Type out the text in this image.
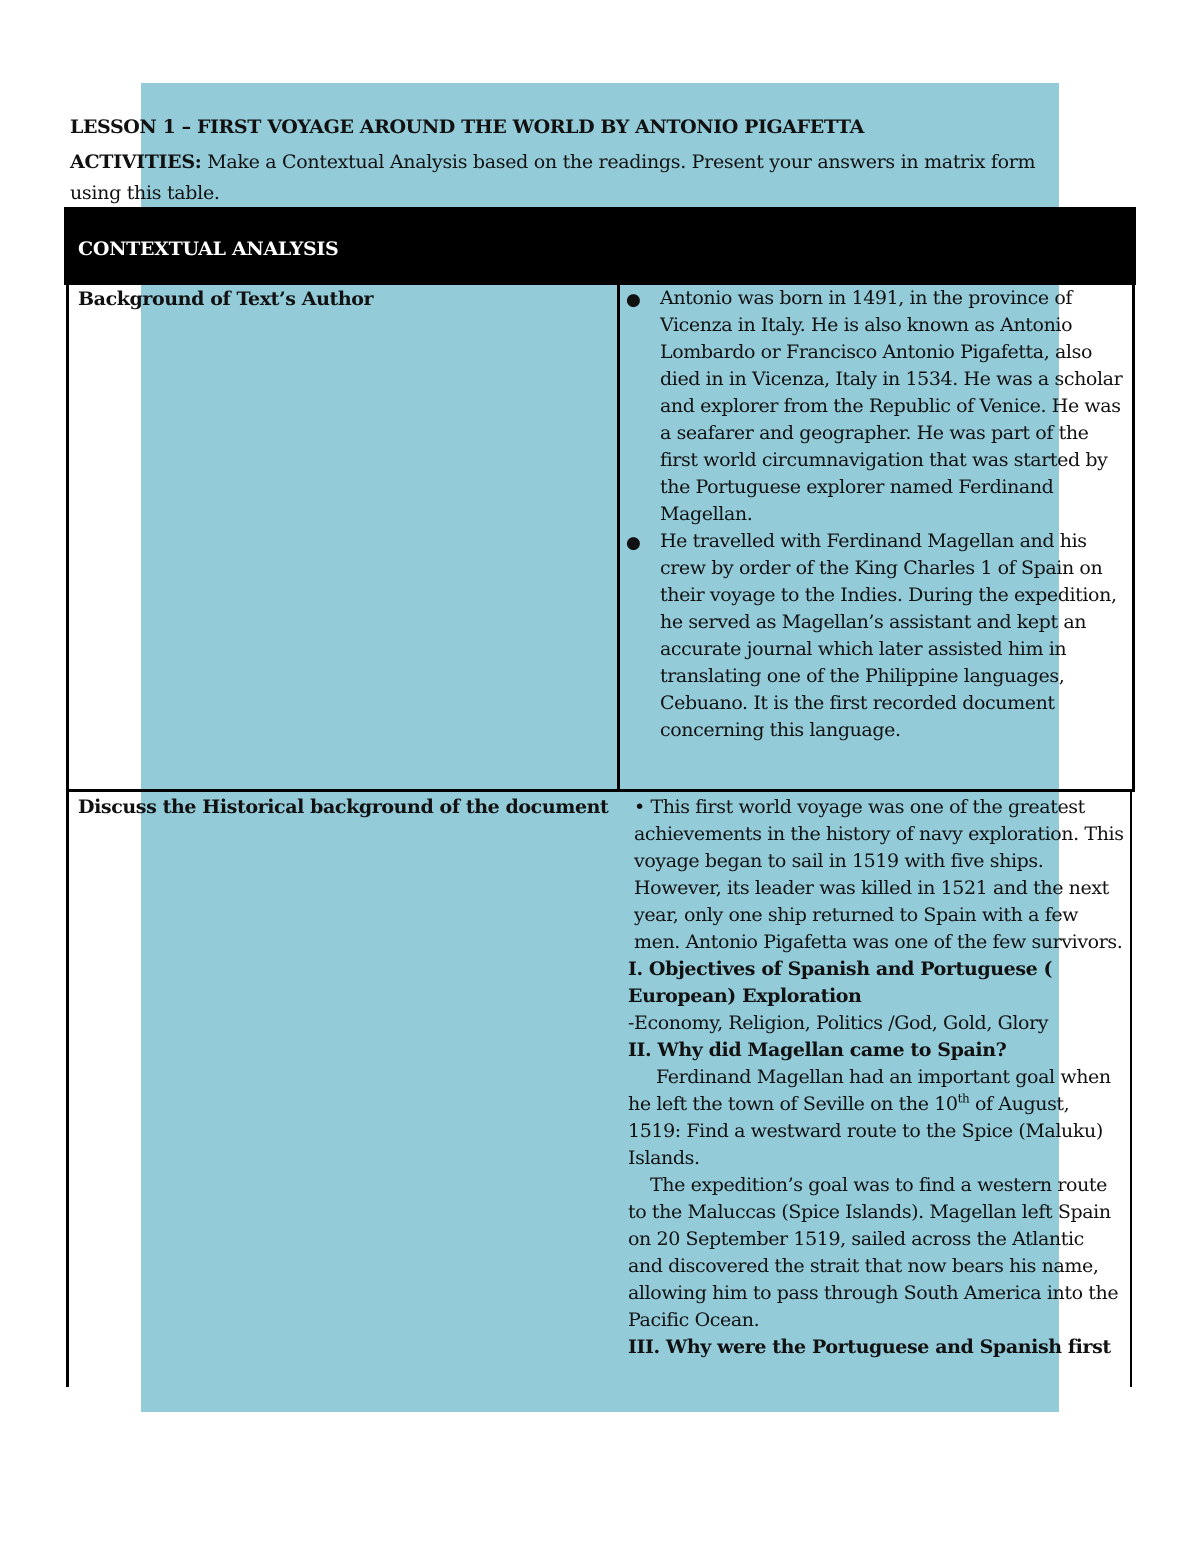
LESSON 1 – FIRST VOYAGE AROUND THE WORLD BY ANTONIO PIGAFETTA

ACTIVITIES: Make a Contextual Analysis based on the readings. Present your answers in matrix form using this table.

CONTEXTUAL ANALYSIS
Background of Text’s Author	● Antonio was born in 1491, in the province of Vicenza in Italy. He is also known as Antonio Lombardo or Francisco Antonio Pigafetta, also died in in Vicenza, Italy in 1534. He was a scholar and explorer from the Republic of Venice. He was a seafarer and geographer. He was part of the first world circumnavigation that was started by the Portuguese explorer named Ferdinand Magellan.
● He travelled with Ferdinand Magellan and his crew by order of the King Charles 1 of Spain on their voyage to the Indies. During the expedition, he served as Magellan’s assistant and kept an accurate journal which later assisted him in translating one of the Philippine languages, Cebuano. It is the first recorded document concerning this language.
Discuss the Historical background of the document	• This first world voyage was one of the greatest achievements in the history of navy exploration. This voyage began to sail in 1519 with five ships. However, its leader was killed in 1521 and the next year, only one ship returned to Spain with a few men. Antonio Pigafetta was one of the few survivors.

I. Objectives of Spanish and Portuguese ( European) Exploration

-Economy, Religion, Politics /God, Gold, Glory

II. Why did Magellan came to Spain?

Ferdinand Magellan had an important goal when he left the town of Seville on the 10th of August, 1519: Find a westward route to the Spice (Maluku) Islands.

The expedition’s goal was to find a western route to the Maluccas (Spice Islands). Magellan left Spain on 20 September 1519, sailed across the Atlantic and discovered the strait that now bears his name, allowing him to pass through South America into the Pacific Ocean.

III. Why were the Portuguese and Spanish first
